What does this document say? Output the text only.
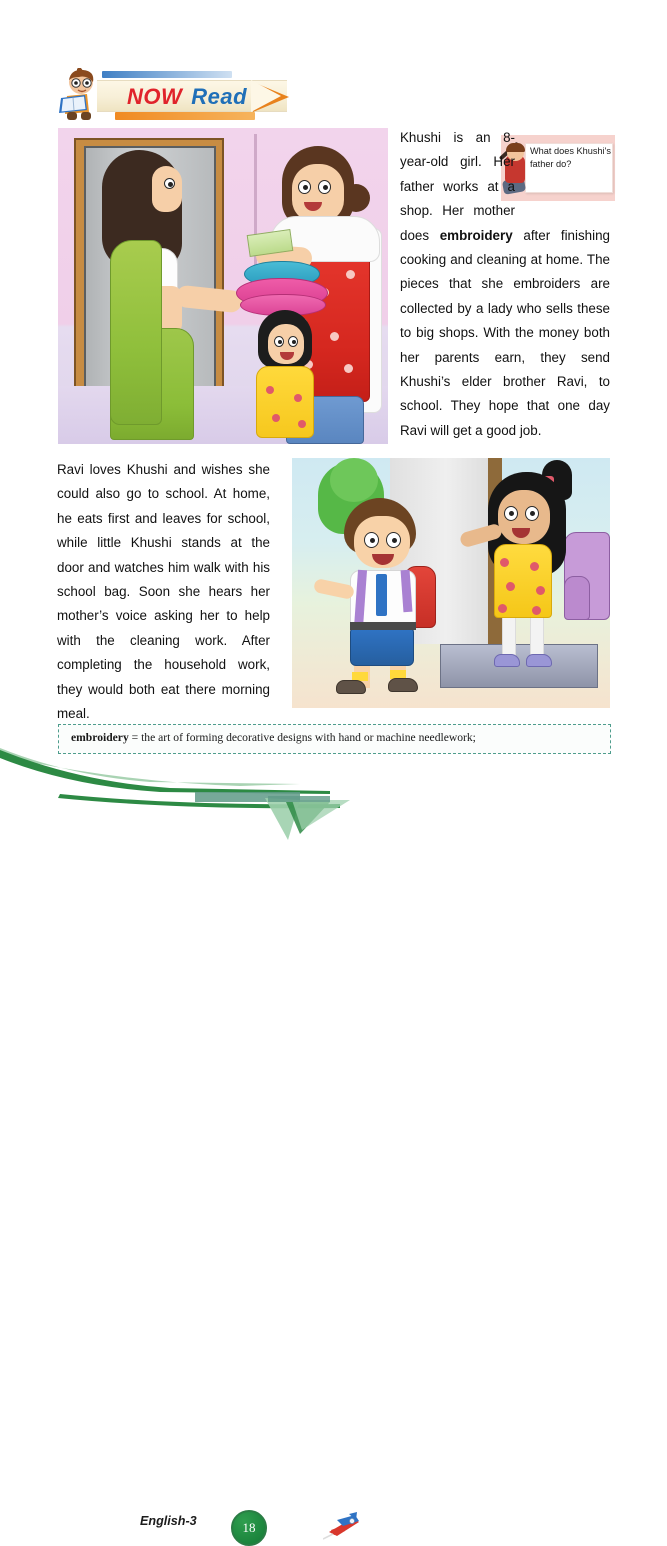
NOW Read
What does Khushi's father do?
Khushi is an 8-year-old girl. Her father works at a shop. Her mother does embroidery after finishing cooking and cleaning at home. The pieces that she embroiders are collected by a lady who sells these to big shops. With the money both her parents earn, they send Khushi’s elder brother Ravi, to school. They hope that one day Ravi will get a good job.
Ravi loves Khushi and wishes she could also go to school. At home, he eats first and leaves for school, while little Khushi stands at the door and watches him walk with his school bag. Soon she hears her mother’s voice asking her to help with the cleaning work. After completing the household work, they would both eat there morning meal.
embroidery = the art of forming decorative designs with hand or machine needlework;
English-3	18
